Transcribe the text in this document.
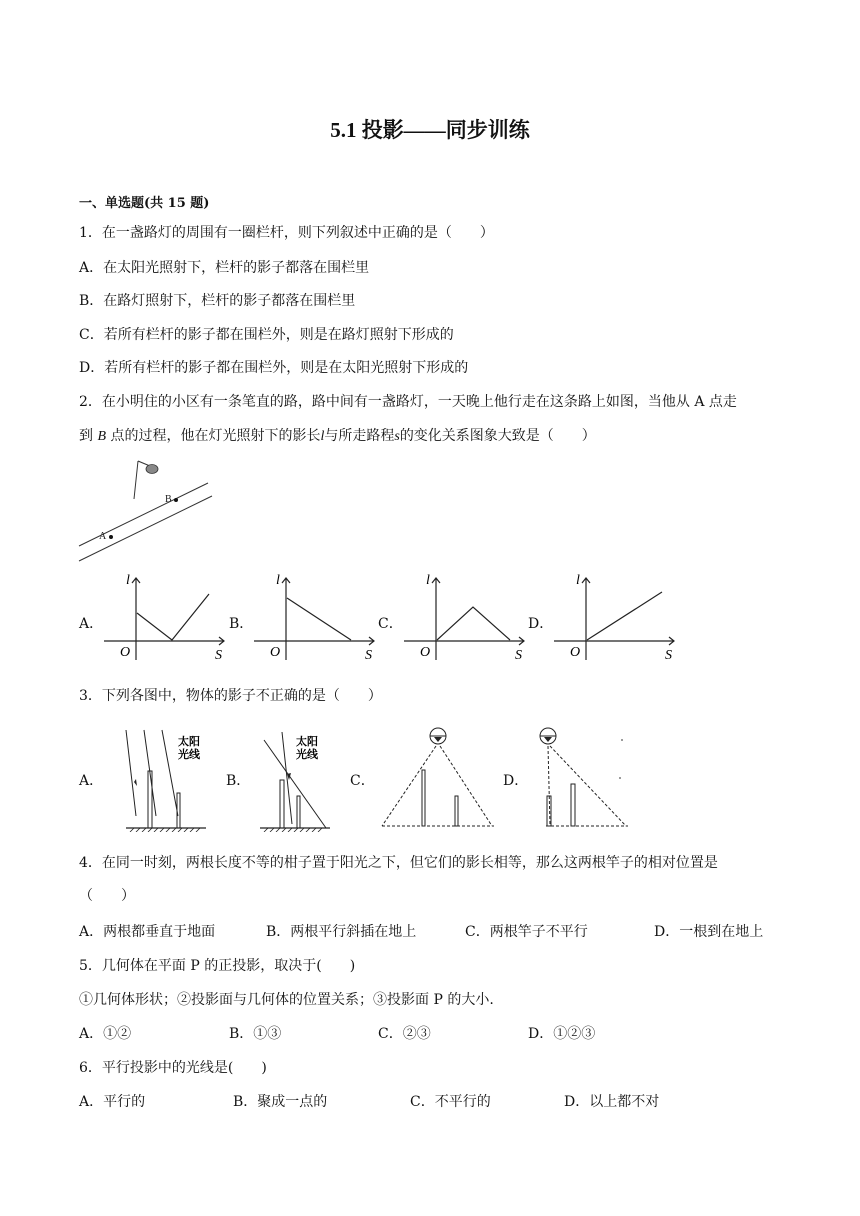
5.1 投影——同步训练
一、单选题(共 15 题)
1．在一盏路灯的周围有一圈栏杆，则下列叙述中正确的是（　　）
A．在太阳光照射下，栏杆的影子都落在围栏里
B．在路灯照射下，栏杆的影子都落在围栏里
C．若所有栏杆的影子都在围栏外，则是在路灯照射下形成的
D．若所有栏杆的影子都在围栏外，则是在太阳光照射下形成的
2．在小明住的小区有一条笔直的路，路中间有一盏路灯，一天晚上他行走在这条路上如图，当他从 A 点走
到 B 点的过程，他在灯光照射下的影长l与所走路程s的变化关系图象大致是（　　）
B
A
A．	B．	C．	D．
l
O	S
l
O	S
l
O	S
l
O	S
3．下列各图中，物体的影子不正确的是（　　）
A．	B．	C．	D．
太阳
光线
太阳
光线
4．在同一时刻，两根长度不等的柑子置于阳光之下，但它们的影长相等，那么这两根竿子的相对位置是
（　　）
A．两根都垂直于地面	B．两根平行斜插在地上	C．两根竿子不平行	D．一根到在地上
5．几何体在平面 P 的正投影，取决于(　　)
①几何体形状；②投影面与几何体的位置关系；③投影面 P 的大小.
A．①②	B．①③	C．②③	D．①②③
6．平行投影中的光线是(　　)
A．平行的	B．聚成一点的	C．不平行的	D．以上都不对
